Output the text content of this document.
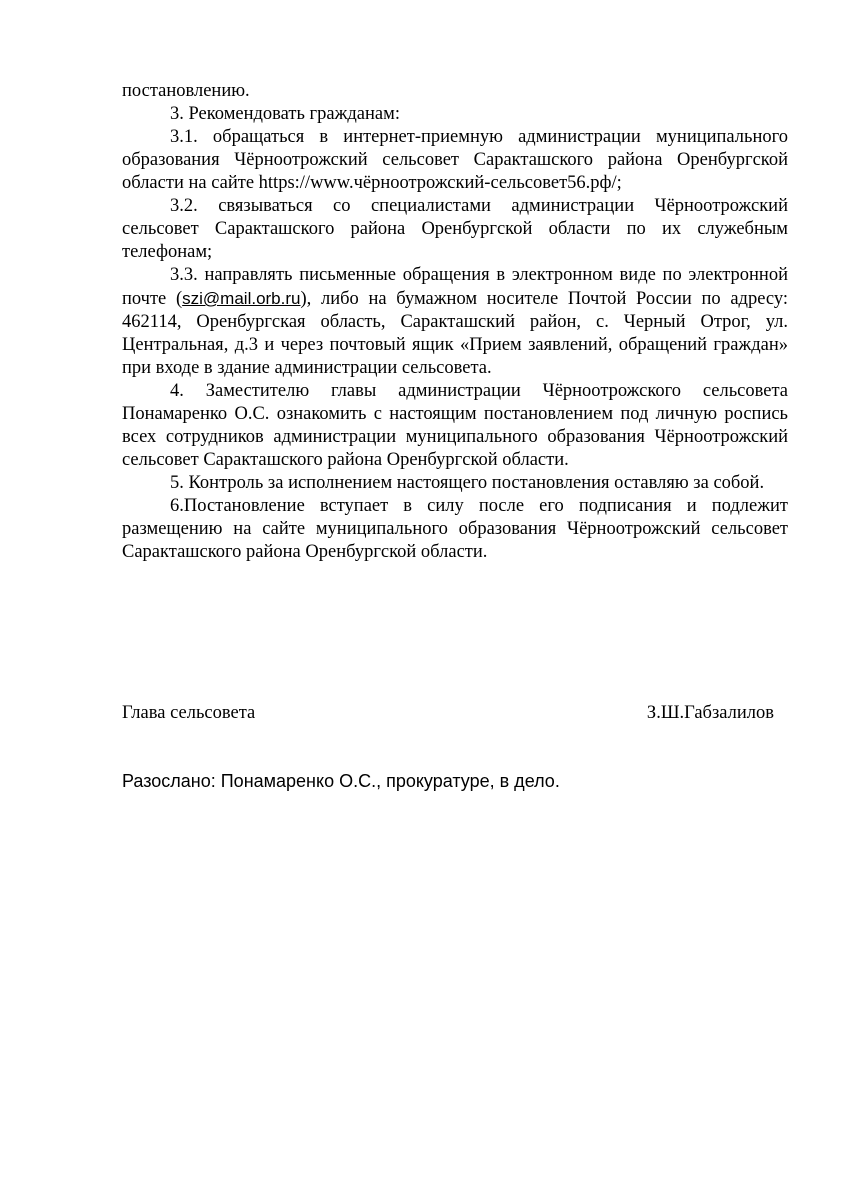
постановлению.

3. Рекомендовать гражданам:

3.1. обращаться в интернет-приемную администрации муниципального образования Чёрноотрожский сельсовет Саракташского района Оренбургской области на сайте https://www.чёрноотрожский-сельсовет56.рф/;

3.2. связываться со специалистами администрации Чёрноотрожский сельсовет Саракташского района Оренбургской области по их служебным телефонам;

3.3. направлять письменные обращения в электронном виде по электронной почте (szi@mail.orb.ru), либо на бумажном носителе Почтой России по адресу: 462114, Оренбургская область, Саракташский район, с. Черный Отрог, ул. Центральная, д.3 и через почтовый ящик «Прием заявлений, обращений граждан» при входе в здание администрации сельсовета.

4. Заместителю главы администрации Чёрноотрожского сельсовета Понамаренко О.С. ознакомить с настоящим постановлением под личную роспись всех сотрудников администрации муниципального образования Чёрноотрожский сельсовет Саракташского района Оренбургской области.

5. Контроль за исполнением настоящего постановления оставляю за собой.

6.Постановление вступает в силу после его подписания и подлежит размещению на сайте муниципального образования Чёрноотрожский сельсовет Саракташского района Оренбургской области.

Глава сельсовета	З.Ш.Габзалилов
Разослано: Понамаренко О.С., прокуратуре, в дело.
